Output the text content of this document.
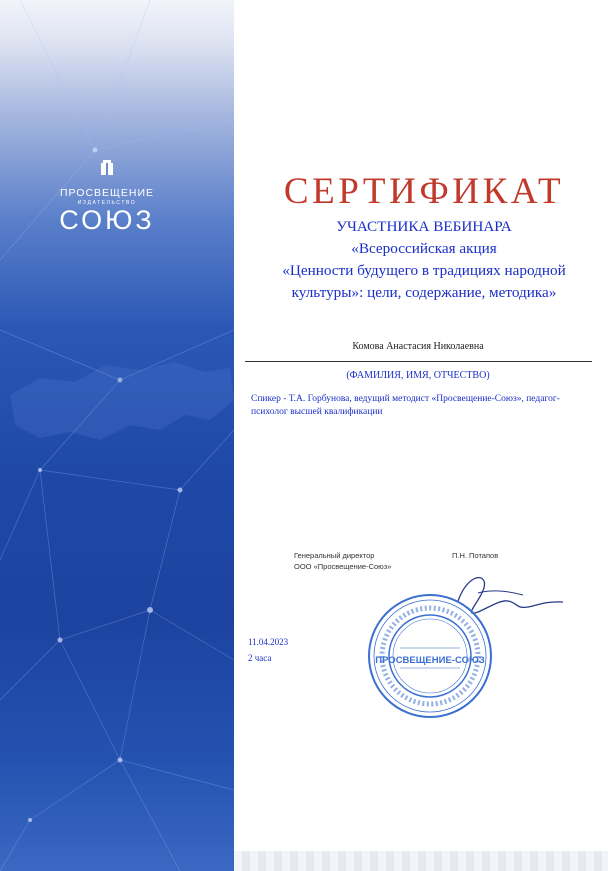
ПРОСВЕЩЕНИЕ
ИЗДАТЕЛЬСТВО
СОЮЗ
СЕРТИФИКАТ
УЧАСТНИКА ВЕБИНАРА
«Всероссийская акция
«Ценности будущего в традициях народной
культуры»: цели, содержание, методика»
Комова Анастасия Николаевна
(ФАМИЛИЯ, ИМЯ, ОТЧЕСТВО)
Спикер - Т.А. Горбунова, ведущий методист «Просвещение-Союз», педагог-психолог высшей квалификации
Генеральный директор
ООО «Просвещение-Союз»
П.Н. Потапов
ПРОСВЕЩЕНИЕ-СОЮЗ
11.04.2023
2 часа
